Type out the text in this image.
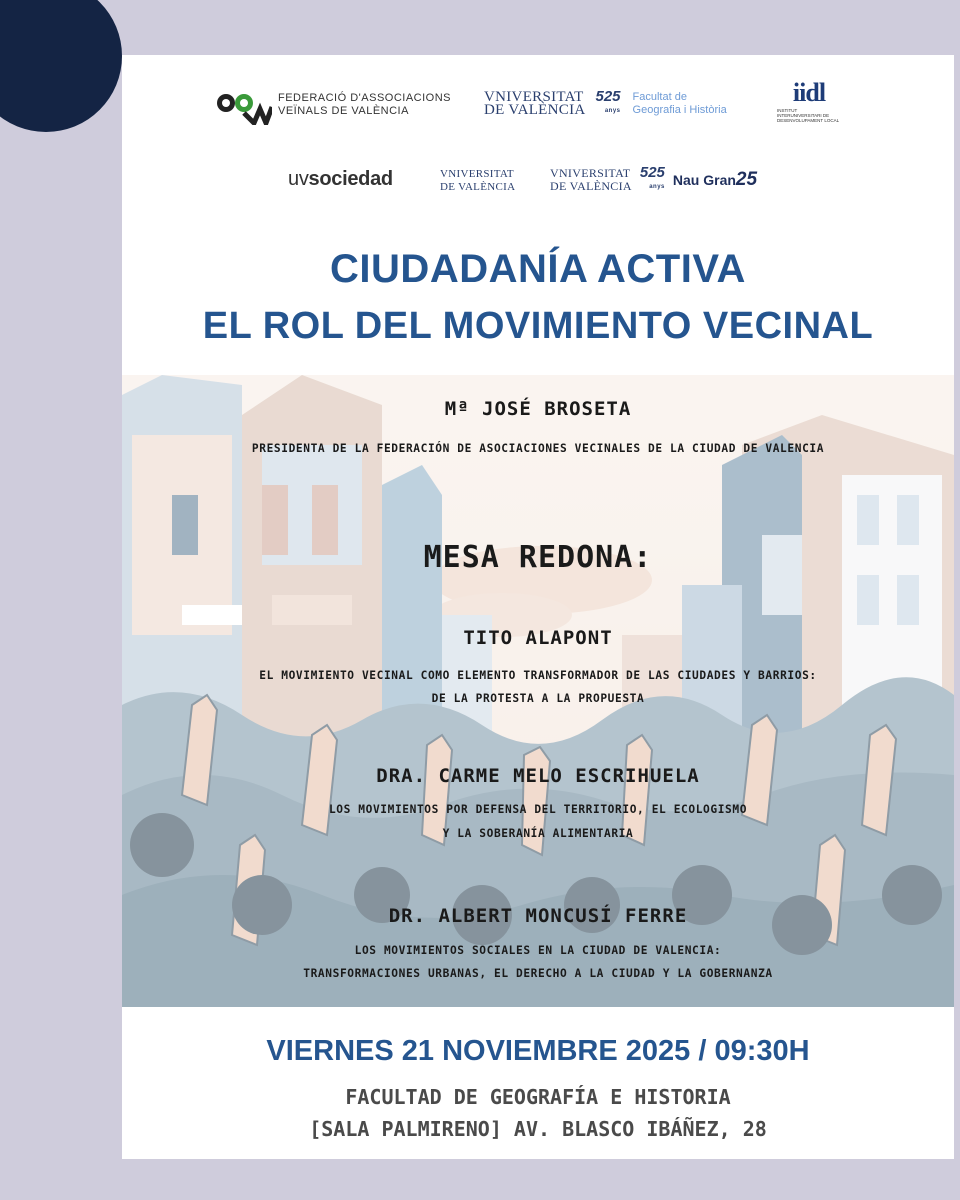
FEDERACIÓ D'ASSOCIACIONS
VEÏNALS DE VALÈNCIA
VNIVERSITAT
DE VALÈNCIA
525
anys
Facultat de
Geografia i Història
iidl
INSTITUT INTERUNIVERSITARI DE DESENVOLUPAMENT LOCAL
uvsociedad	VNIVERSITAT
DE VALÈNCIA
VNIVERSITAT
DE VALÈNCIA
525
anys Nau Gran25
CIUDADANÍA ACTIVA
EL ROL DEL MOVIMIENTO VECINAL
Mª JOSÉ BROSETA
PRESIDENTA DE LA FEDERACIÓN DE ASOCIACIONES VECINALES DE LA CIUDAD DE VALENCIA
MESA REDONA:
TITO ALAPONT
EL MOVIMIENTO VECINAL COMO ELEMENTO TRANSFORMADOR DE LAS CIUDADES Y BARRIOS:
DE LA PROTESTA A LA PROPUESTA
DRA. CARME MELO ESCRIHUELA
LOS MOVIMIENTOS POR DEFENSA DEL TERRITORIO, EL ECOLOGISMO
Y LA SOBERANÍA ALIMENTARIA
DR. ALBERT MONCUSÍ FERRE
LOS MOVIMIENTOS SOCIALES EN LA CIUDAD DE VALENCIA:
TRANSFORMACIONES URBANAS, EL DERECHO A LA CIUDAD Y LA GOBERNANZA
VIERNES 21 NOVIEMBRE 2025 / 09:30H
FACULTAD DE GEOGRAFÍA E HISTORIA
[SALA PALMIRENO] AV. BLASCO IBÁÑEZ, 28
